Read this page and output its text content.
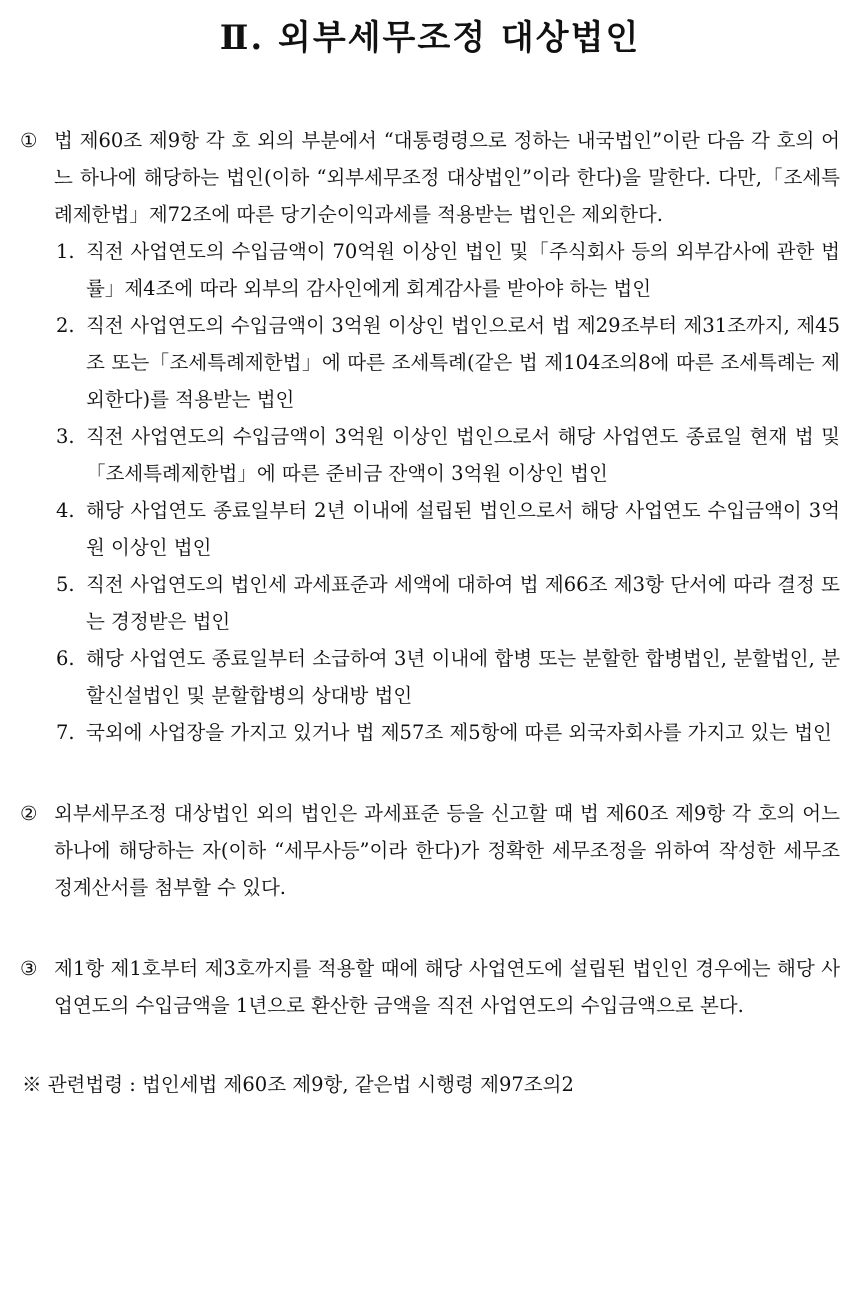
Ⅱ. 외부세무조정 대상법인
① 법 제60조 제9항 각 호 외의 부분에서 “대통령령으로 정하는 내국법인”이란 다음 각 호의 어느 하나에 해당하는 법인(이하 “외부세무조정 대상법인”이라 한다)을 말한다. 다만,「조세특례제한법」제72조에 따른 당기순이익과세를 적용받는 법인은 제외한다.
1. 직전 사업연도의 수입금액이 70억원 이상인 법인 및「주식회사 등의 외부감사에 관한 법률」제4조에 따라 외부의 감사인에게 회계감사를 받아야 하는 법인
2. 직전 사업연도의 수입금액이 3억원 이상인 법인으로서 법 제29조부터 제31조까지, 제45조 또는「조세특례제한법」에 따른 조세특례(같은 법 제104조의8에 따른 조세특례는 제외한다)를 적용받는 법인
3. 직전 사업연도의 수입금액이 3억원 이상인 법인으로서 해당 사업연도 종료일 현재 법 및「조세특례제한법」에 따른 준비금 잔액이 3억원 이상인 법인
4. 해당 사업연도 종료일부터 2년 이내에 설립된 법인으로서 해당 사업연도 수입금액이 3억원 이상인 법인
5. 직전 사업연도의 법인세 과세표준과 세액에 대하여 법 제66조 제3항 단서에 따라 결정 또는 경정받은 법인
6. 해당 사업연도 종료일부터 소급하여 3년 이내에 합병 또는 분할한 합병법인, 분할법인, 분할신설법인 및 분할합병의 상대방 법인
7. 국외에 사업장을 가지고 있거나 법 제57조 제5항에 따른 외국자회사를 가지고 있는 법인
② 외부세무조정 대상법인 외의 법인은 과세표준 등을 신고할 때 법 제60조 제9항 각 호의 어느 하나에 해당하는 자(이하 “세무사등”이라 한다)가 정확한 세무조정을 위하여 작성한 세무조정계산서를 첨부할 수 있다.
③ 제1항 제1호부터 제3호까지를 적용할 때에 해당 사업연도에 설립된 법인인 경우에는 해당 사업연도의 수입금액을 1년으로 환산한 금액을 직전 사업연도의 수입금액으로 본다.
※ 관련법령 : 법인세법 제60조 제9항, 같은법 시행령 제97조의2
